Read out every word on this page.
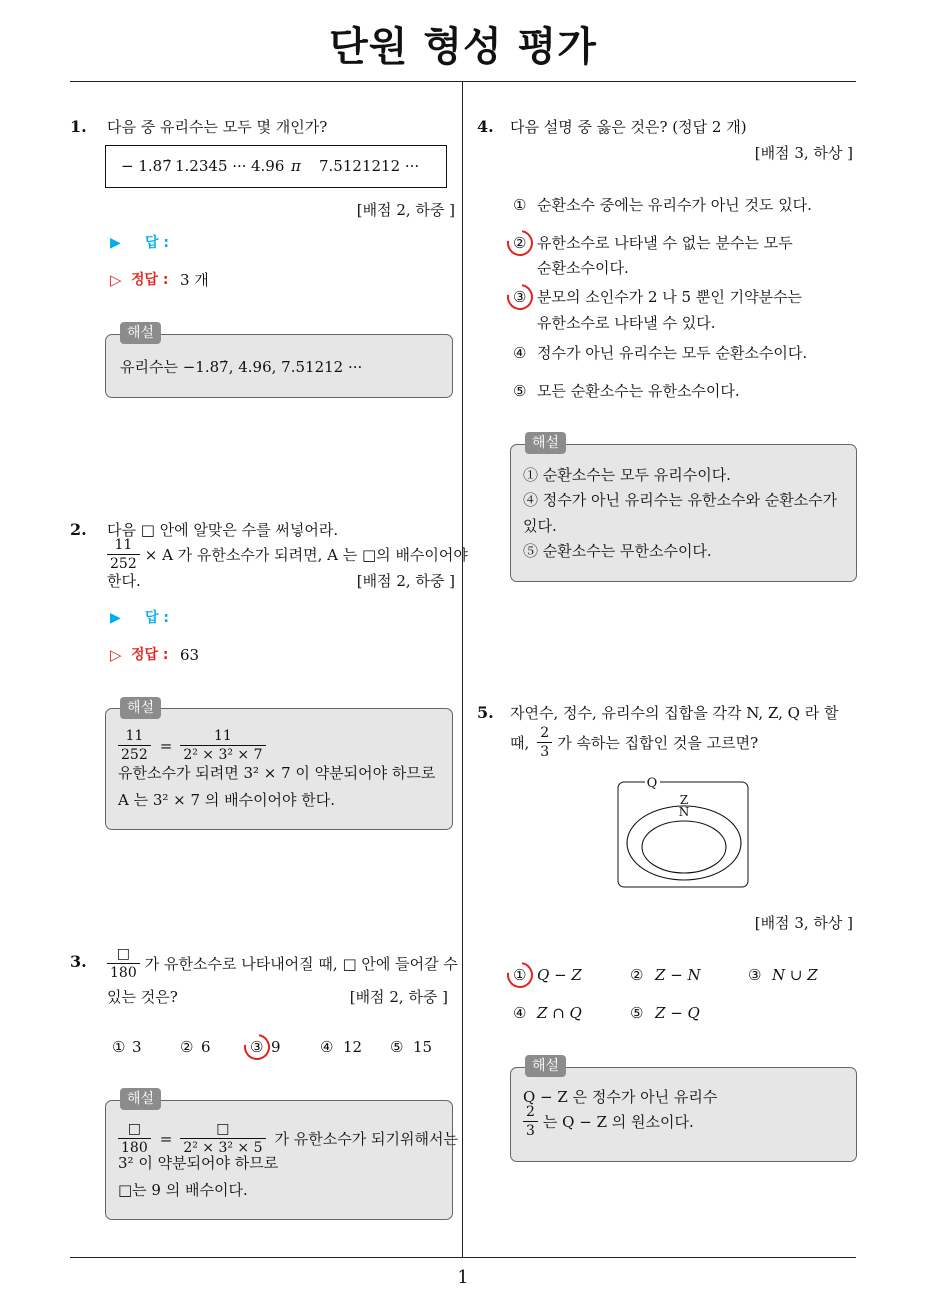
단원 형성 평가
1
1. 다음 중 유리수는 모두 몇 개인가?
− 1.87̇ 1.2345 ··· 4.96 π 7.5121212 ···
[배점 2, 하중 ]
▶ 답 :
▷ 정답 : 3 개
해설
유리수는 −1.87̇, 4.96, 7.51212 ···
2. 다음 □ 안에 알맞은 수를 써넣어라.
$\frac{11}{252} \times A$ 가 유한소수가 되려면, A 는 □의 배수이어야
한다.	[배점 2, 하중 ]
▶ 답 :
▷ 정답 : 63
해설
$\frac{11}{252} = \frac{11}{\text{2² × 3² × 7}}$
유한소수가 되려면 3² × 7 이 약분되어야 하므로
A 는 3² × 7 의 배수이어야 한다.
3. $\frac{□}{180}$ 가 유한소수로 나타내어질 때, □ 안에 들어갈 수
있는 것은?	[배점 2, 하중 ]
① 3	② 6	③ 9	④ 12 ⑤ 15
해설
$\frac{□}{180} = \frac{□}{\text{2² × 3² × 5}}$ 가 유한소수가 되기위해서는
3² 이 약분되어야 하므로
□는 9 의 배수이다.
4. 다음 설명 중 옳은 것은? (정답 2 개)
[배점 3, 하상 ]
① 순환소수 중에는 유리수가 아닌 것도 있다.
② 유한소수로 나타낼 수 없는 분수는 모두
순환소수이다.
③ 분모의 소인수가 2 나 5 뿐인 기약분수는
유한소수로 나타낼 수 있다.
④ 정수가 아닌 유리수는 모두 순환소수이다.
⑤ 모든 순환소수는 유한소수이다.
해설
① 순환소수는 모두 유리수이다.
④ 정수가 아닌 유리수는 유한소수와 순환소수가
있다.
⑤ 순환소수는 무한소수이다.
5. 자연수, 정수, 유리수의 집합을 각각 N, Z, Q 라 할
때, $\frac{2}{3}$ 가 속하는 집합인 것을 고르면?
Q
Z
N
[배점 3, 하상 ]
① Q − Z	② Z − N	③ N ∪ Z
④ Z ∩ Q	⑤ Z − Q
해설
Q − Z 은 정수가 아닌 유리수
$\frac{2}{3}$ 는 Q − Z 의 원소이다.
